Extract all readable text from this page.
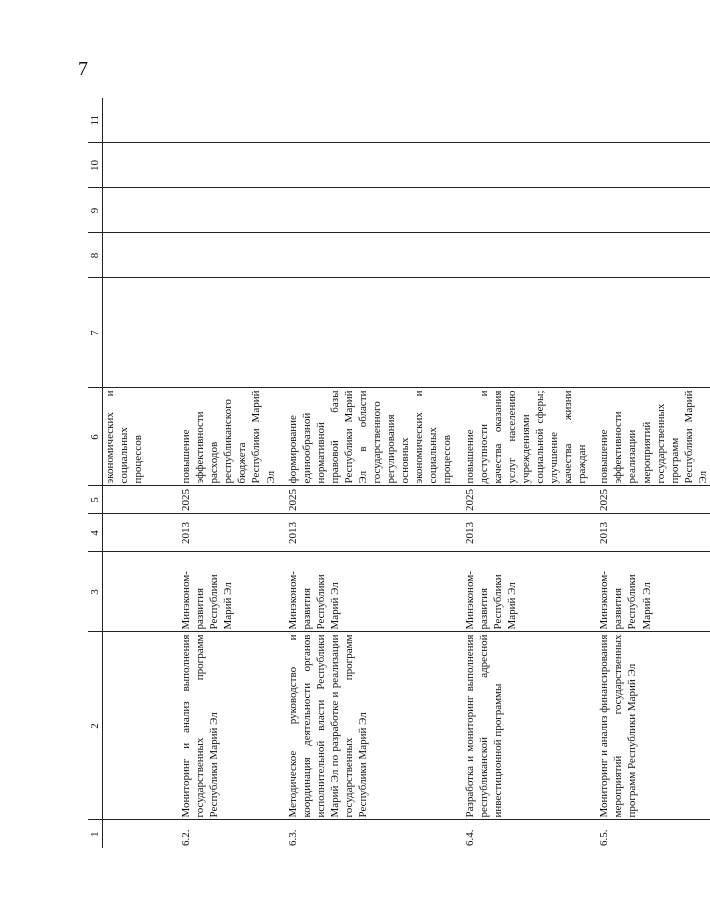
7
1	2	3	4	5	6	7	8	9	10	11
6.2.	Мониторинг и анализ выполнения государственных программ Республики Марий Эл	Минэконом-развития Республики Марий Эл	2013	2025	экономических и социальных процессов повышение эффективности расходов республиканского бюджета Республики Марий Эл					

6.3.	Методическое руководство и координация деятельности органов исполнительной власти Республики Марий Эл по разработке и реализации государственных программ Республики Марий Эл	Минэконом-развития Республики Марий Эл	2013	2025	формирование единообразной нормативной правовой базы Республики Марий Эл в области государственного регулирования основных экономических и социальных процессов					
6.4.	Разработка и мониторинг выполнения республиканской адресной инвестиционной программы	Минэконом-развития Республики Марий Эл	2013	2025	повышение доступности и качества оказания услуг населению учреждениями социальной сферы; улучшение качества жизни граждан					
6.5.	Мониторинг и анализ финансирования мероприятий государственных программ Республики Марий Эл	Минэконом-развития Республики Марий Эл	2013	2025	повышение эффективности реализации мероприятий государственных программ Республики Марий Эл					
